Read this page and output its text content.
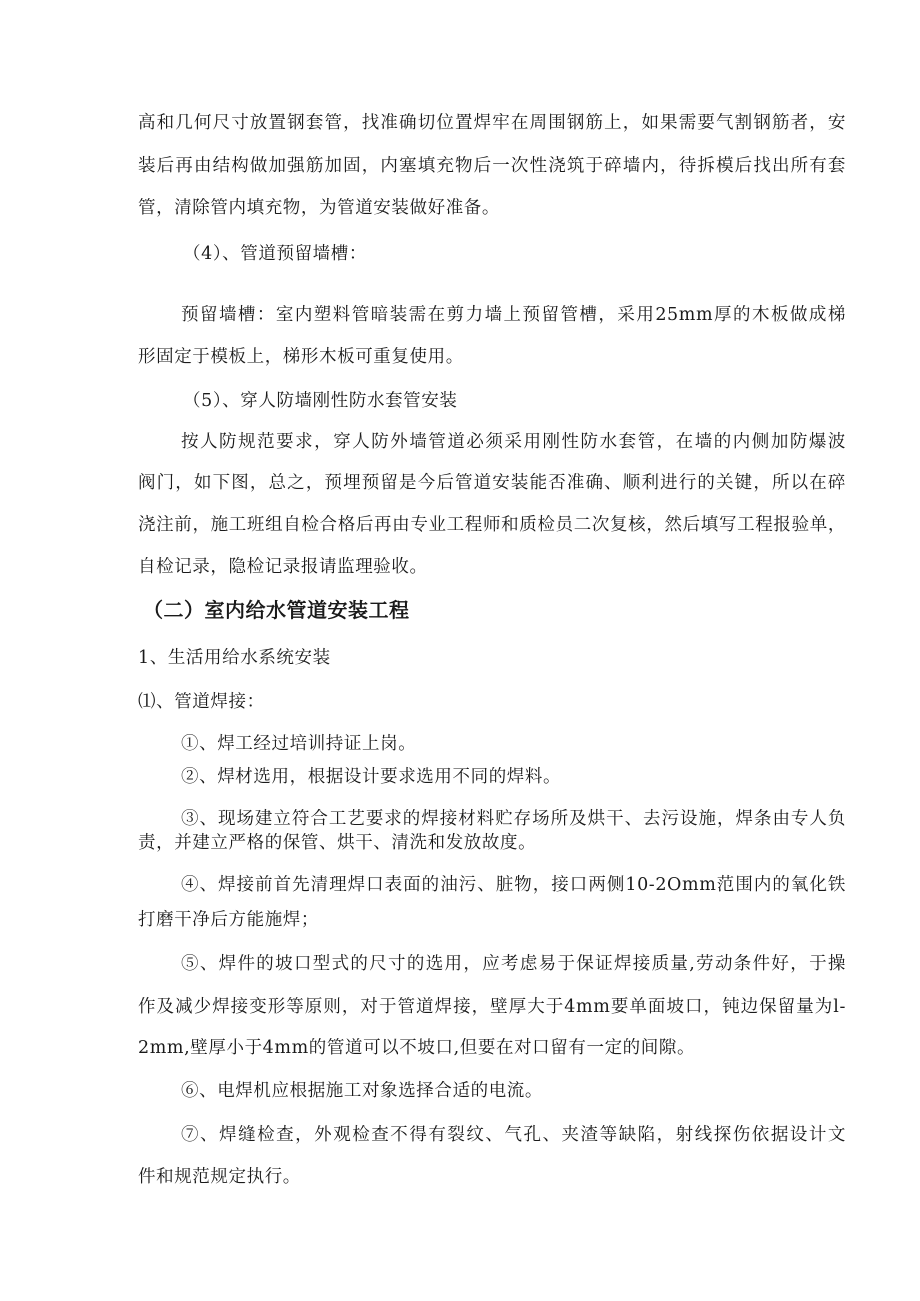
高和几何尺寸放置钢套管，找准确切位置焊牢在周围钢筋上，如果需要气割钢筋者，安

装后再由结构做加强筋加固，内塞填充物后一次性浇筑于碎墙内，待拆模后找出所有套

管，清除管内填充物，为管道安装做好准备。

（4）、管道预留墙槽：

预留墙槽：室内塑料管暗装需在剪力墙上预留管槽，采用25mm厚的木板做成梯

形固定于模板上，梯形木板可重复使用。

（5）、穿人防墙刚性防水套管安装

按人防规范要求，穿人防外墙管道必须采用刚性防水套管，在墙的内侧加防爆波

阀门，如下图，总之，预埋预留是今后管道安装能否准确、顺利进行的关键，所以在碎

浇注前，施工班组自检合格后再由专业工程师和质检员二次复核，然后填写工程报验单，

自检记录，隐检记录报请监理验收。

（二）室内给水管道安装工程

1、生活用给水系统安装

⑴、管道焊接：

①、焊工经过培训持证上岗。

②、焊材选用，根据设计要求选用不同的焊料。

③、现场建立符合工艺要求的焊接材料贮存场所及烘干、去污设施，焊条由专人负

责，并建立严格的保管、烘干、清洗和发放故度。

④、焊接前首先清理焊口表面的油污、脏物，接口两侧10-2Omm范围内的氧化铁

打磨干净后方能施焊；

⑤、焊件的坡口型式的尺寸的选用，应考虑易于保证焊接质量,劳动条件好，于操

作及减少焊接变形等原则，对于管道焊接，壁厚大于4mm要单面坡口，钝边保留量为l-

2mm,壁厚小于4mm的管道可以不坡口,但要在对口留有一定的间隙。

⑥、电焊机应根据施工对象选择合适的电流。

⑦、焊缝检查，外观检查不得有裂纹、气孔、夹渣等缺陷，射线探伤依据设计文

件和规范规定执行。
